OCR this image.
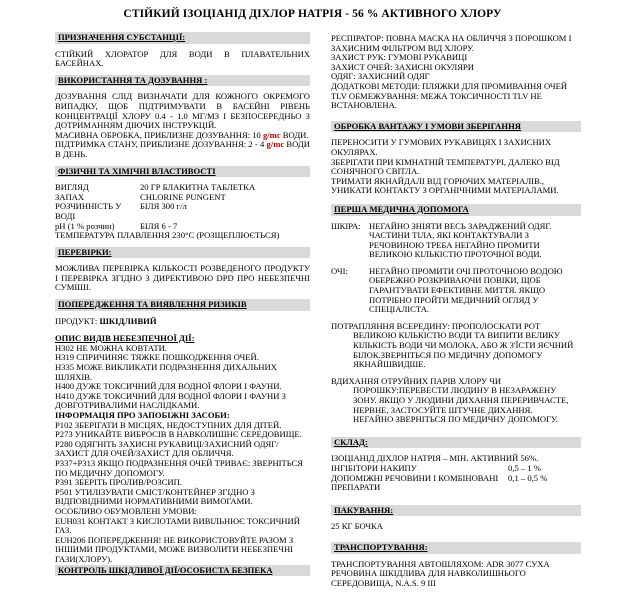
СТІЙКИЙ ІЗОЦІАНІД ДІХЛОР НАТРІЯ - 56 % АКТИВНОГО ХЛОРУ
ПРИЗНАЧЕННЯ СУБСТАНЦІЇ:

СТІЙКИЙ ХЛОРАТОР ДЛЯ ВОДИ В ПЛАВАТЕЛЬНИХ БАСЕЙНАХ.

ВИКОРИСТАННЯ ТА ДОЗУВАННЯ :

ДОЗУВАННЯ СЛІД ВИЗНАЧАТИ ДЛЯ КОЖНОГО ОКРЕМОГО ВИПАДКУ, ЩОБ ПІДТРИМУВАТИ В БАСЕЙНІ РІВЕНЬ КОНЦЕНТРАЦІЇ ХЛОРУ 0.4 - 1.0 МГ/М3 І БЕЗПОСЕРЕДНЬО З ДОТРИМАННЯМ ДІЮЧИХ ІНСТРУКЦІЙ.

МАСИВНА ОБРОБКА, ПРИБЛИЗНЕ ДОЗУВАННЯ: 10 g/mc ВОДИ.

ПІДТРИМКА СТАНУ, ПРИБЛИЗНЕ ДОЗУВАННЯ: 2 - 4 g/mc ВОДИ В ДЕНЬ.

ФІЗИЧНІ ТА ХІМІЧНІ ВЛАСТИВОСТІ
ВИГЛЯД	20 ГР БЛАКИТНА ТАБЛЕТКА
ЗАПАХ	CHLORINE PUNGENT
РОЗЧИННІСТЬ У ВОДІ	БІЛЯ 300 г/л
pH (1 % розчин)	БІЛЯ 6 - 7

ТЕМПЕРАТУРА ПЛАВЛЕННЯ 230°С (РОЗЩЕПЛЮЄТЬСЯ)

ПЕРЕВІРКИ:

МОЖЛИВА ПЕРЕВІРКА КІЛЬКОСТІ РОЗВЕДЕНОГО ПРОДУКТУ І ПЕРЕВІРКА ЗГІДНО З ДИРЕКТИВОЮ DPD ПРО НЕБЕЗПЕЧНІ СУМІШІ.

ПОПЕРЕДЖЕННЯ ТА ВИЯВЛЕННЯ РИЗИКІВ

ПРОДУКТ: ШКІДЛИВИЙ

ОПИС ВИДІВ НЕБЕЗПЕЧНОЇ ДІЇ:

H302 НЕ МОЖНА КОВТАТИ.

H319 СПРИЧИНЯЄ ТЯЖКЕ ПОШКОДЖЕННЯ ОЧЕЙ.

H335 МОЖЕ ВИКЛИКАТИ ПОДРАЗНЕННЯ ДИХАЛЬНИХ ШЛЯХІВ.

H400 ДУЖЕ ТОКСИЧНИЙ ДЛЯ ВОДНОЇ ФЛОРИ І ФАУНИ.

H410 ДУЖЕ ТОКСИЧНИЙ ДЛЯ ВОДНОЇ ФЛОРИ І ФАУНИ З ДОВГОТРИВАЛИМИ НАСЛІДКАМИ.

ІНФОРМАЦІЯ ПРО ЗАПОБІЖНІ ЗАСОБИ:

P102 ЗБЕРІГАТИ В МІСЦЯХ, НЕДОСТУПНИХ ДЛЯ ДІТЕЙ.

P273 УНИКАЙТЕ ВИБРОСІВ В НАВКОЛИШНЄ СЕРЕДОВИЩЕ.

P280 ОДЯГНІТЬ ЗАХИСНІ РУКАВИЦІ/ЗАХИСНИЙ ОДЯГ/ЗАХИСТ ДЛЯ ОЧЕЙ/ЗАХИСТ ДЛЯ ОБЛИЧЧЯ.

P337+P313 ЯКЩО ПОДРАЗНЕННЯ ОЧЕЙ ТРИВАЄ: ЗВЕРНІТЬСЯ ПО МЕДИЧНУ ДОПОМОГУ.

P391 ЗБЕРІТЬ ПРОЛИВ/РОЗСИП.

P501 УТИЛІЗУВАТИ СМІСТ/КОНТЕЙНЕР ЗГІДНО З ВІДПОВІДНИМИ НОРМАТИВНИМИ ВИМОГАМИ.

ОСОБЛИВО ОБУМОВЛЕНІ УМОВИ:

EUH031 КОНТАКТ З КИСЛОТАМИ ВИВІЛЬНЮЄ ТОКСИЧНИЙ ГАЗ.

EUH206 ПОПЕРЕДЖЕННЯ! НЕ ВИКОРИСТОВУЙТЕ РАЗОМ З ІНШИМИ ПРОДУКТАМИ, МОЖЕ ВИЗВОЛИТИ НЕБЕЗПЕЧНІ ГАЗИ(ХЛОРУ).

КОНТРОЛЬ ШКІДЛИВОЇ ДІЇ/ОСОБИСТА БЕЗПЕКА

РЕСПІРАТОР: ПОВНА МАСКА НА ОБЛИЧЧЯ З ПОРОШКОМ І ЗАХИСНИМ ФІЛЬТРОМ ВІД ХЛОРУ.

ЗАХИСТ РУК: ГУМОВІ РУКАВИЦІ

ЗАХИСТ ОЧЕЙ: ЗАХИСНІ ОКУЛЯРИ

ОДЯГ: ЗАХИСНИЙ ОДЯГ

ДОДАТКОВІ МЕТОДИ: ПЛЯЖКИ ДЛЯ ПРОМИВАННЯ ОЧЕЙ

TLV ОБМЕЖУВАННЯ: МЕЖА ТОКСИЧНОСТІ TLV НЕ ВСТАНОВЛЕНА.

ОБРОБКА ВАНТАЖУ І УМОВИ ЗБЕРІГАННЯ

ПЕРЕНОСИТИ У ГУМОВИХ РУКАВИЦЯХ І ЗАХИСНИХ ОКУЛЯРАХ.

ЗБЕРІГАТИ ПРИ КІМНАТНІЙ ТЕМПЕРАТУРІ, ДАЛЕКО ВІД СОНЯЧНОГО СВІТЛА.

ТРИМАТИ ЯКНАЙДАЛІ ВІД ГОРЮЧИХ МАТЕРІАЛІВ., УНИКАТИ КОНТАКТУ З ОРГАНІЧНИМИ МАТЕРІАЛАМИ.

ПЕРША МЕДИЧНА ДОПОМОГА
ШКІРА: НЕГАЙНО ЗНІЯТИ ВЕСЬ ЗАРАДЖЕНИЙ ОДЯГ. ЧАСТИНИ ТІЛА, ЯКІ КОНТАКТУВАЛИ З РЕЧОВИНОЮ ТРЕБА НЕГАЙНО ПРОМИТИ ВЕЛИКОЮ КІЛЬКІСТЮ ПРОТОЧНОЇ ВОДИ.
ОЧІ:	НЕГАЙНО ПРОМИТИ ОЧІ ПРОТОЧНОЮ ВОДОЮ ОБЕРЕЖНО РОЗКРИВАЮЧИ ПОВІКИ, ЩОБ ГАРАНТУВАТИ ЕФЕКТИВНЕ МИТТЯ. ЯКЩО ПОТРІБНО ПРОЙТИ МЕДИЧНИЙ ОГЛЯД У СПЕЦІАЛІСТА.

ПОТРАПЛЯННЯ ВСЕРЕДИНУ: ПРОПОЛОСКАТИ РОТ

ВЕЛИКОЮ КІЛЬКІСТЮ ВОДИ ТА ВИПИТИ ВЕЛИКУ КІЛЬКІСТЬ ВОДИ ЧИ МОЛОКА, АБО Ж З'ЇСТИ ЯЄЧНИЙ БІЛОК.ЗВЕРНІТЬСЯ ПО МЕДИЧНУ ДОПОМОГУ ЯКНАЙШВИДШЕ.

ВДИХАННЯ ОТРУЙНИХ ПАРІВ ХЛОРУ ЧИ

ПОРОШКУ:ПЕРЕВЕСТИ ЛЮДИНУ В НЕЗАРАЖЕНУ ЗОНУ. ЯКЩО У ЛЮДИНИ ДИХАННЯ ПЕРЕРИВЧАСТЕ, НЕРВНЕ, ЗАСТОСУЙТЕ ШТУЧНЕ ДИХАННЯ.

НЕГАЙНО ЗВЕРНІТЬСЯ ПО МЕДИЧНУ ДОПОМОГУ.

СКЛАД:

ІЗОЦІАНІД ДІХЛОР НАТРІЯ – МІН. АКТИВНИЙ 56%.

ІНГІБІТОРИ НАКИПУ	0,5 – 1 %
ДОПОМІЖНІ РЕЧОВИНИ І КОМБІНОВАНІ ПРЕПАРАТИ	0,1 – 0,5 %
ПАКУВАННЯ:

25 КГ БОЧКА

ТРАНСПОРТУВАННЯ:

ТРАНСПОРТУВАННЯ АВТОШЛЯХОМ: ADR 3077 СУХА РЕЧОВИНА ШКІДЛИВА ДЛЯ НАВКОЛИШНЬОГО СЕРЕДОВИЩА, N.A.S. 9 III
